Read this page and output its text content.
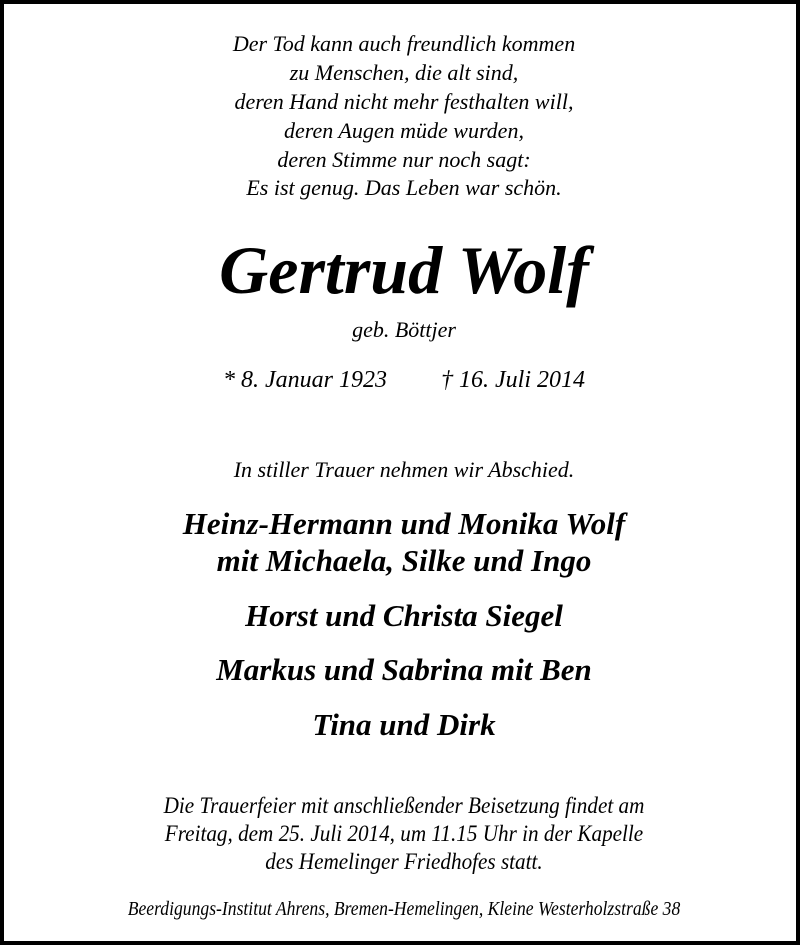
Der Tod kann auch freundlich kommen
zu Menschen, die alt sind,
deren Hand nicht mehr festhalten will,
deren Augen müde wurden,
deren Stimme nur noch sagt:
Es ist genug. Das Leben war schön.
Gertrud Wolf
geb. Böttjer
* 8. Januar 1923 † 16. Juli 2014
In stiller Trauer nehmen wir Abschied.
Heinz-Hermann und Monika Wolf
mit Michaela, Silke und Ingo
Horst und Christa Siegel
Markus und Sabrina mit Ben
Tina und Dirk
Die Trauerfeier mit anschließender Beisetzung findet am
Freitag, dem 25. Juli 2014, um 11.15 Uhr in der Kapelle
des Hemelinger Friedhofes statt.
Beerdigungs-Institut Ahrens, Bremen-Hemelingen, Kleine Westerholzstraße 38
